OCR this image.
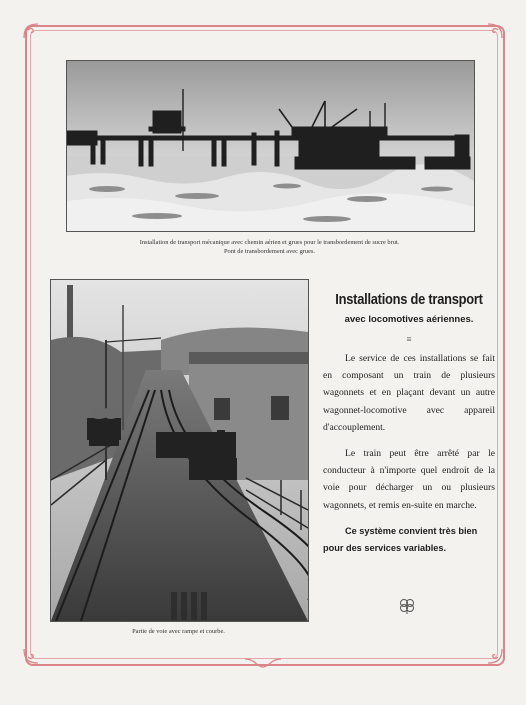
Installation de transport mécanique avec chemin aérien et grues pour le transbordement de sucre brut.
Pont de transbordement avec grues.
Partie de voie avec rampe et courbe.
Installations de transport
avec locomotives aériennes.
≡

Le service de ces installations se fait en composant un train de plusieurs wagonnets et en plaçant devant un autre wagonnet-locomotive avec appareil d'accouplement.

Le train peut être arrêté par le conducteur à n'importe quel endroit de la voie pour décharger un ou plusieurs wagonnets, et remis en-suite en marche.

Ce système convient très bien pour des services variables.
